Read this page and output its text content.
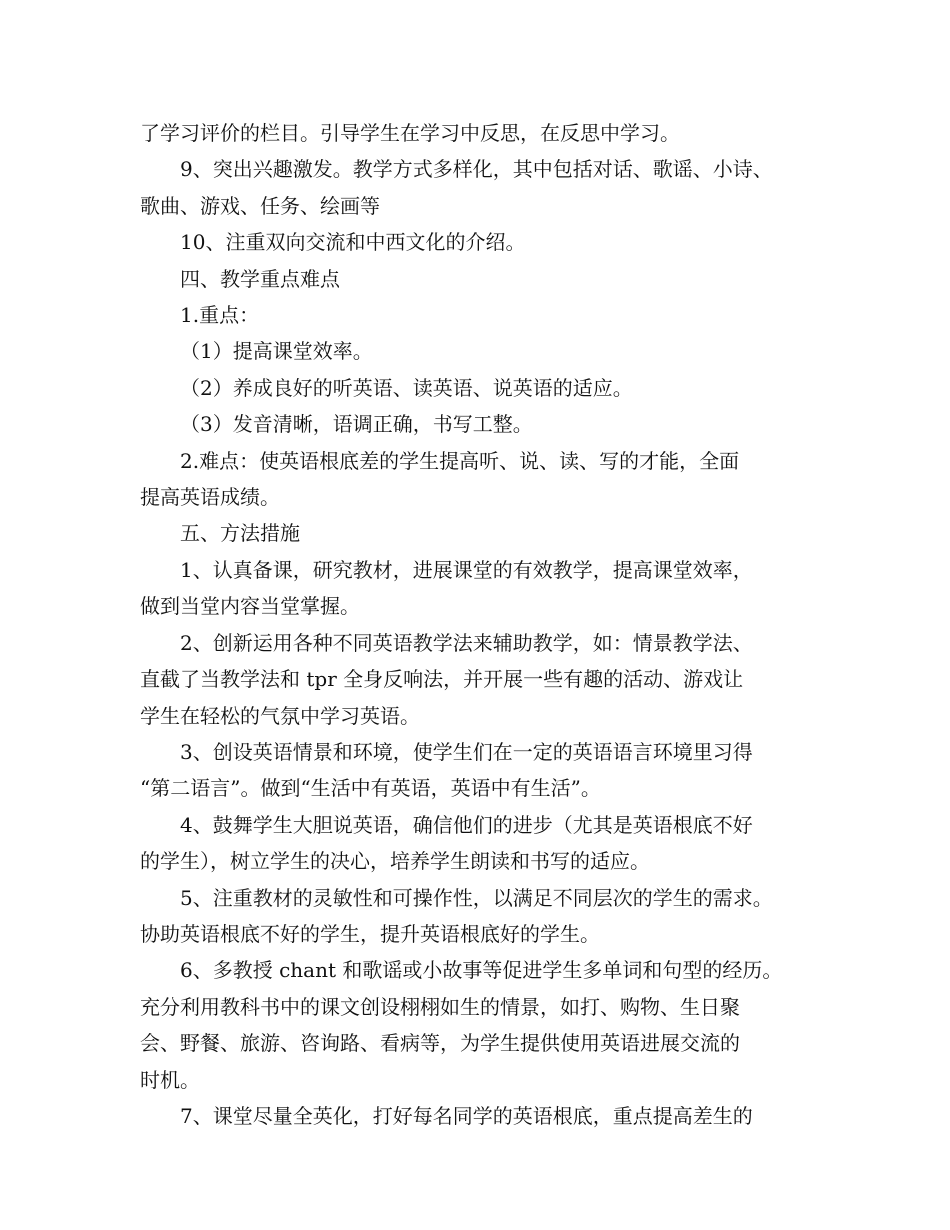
了学习评价的栏目。引导学生在学习中反思，在反思中学习。

9、突出兴趣激发。教学方式多样化，其中包括对话、歌谣、小诗、

歌曲、游戏、任务、绘画等

10、注重双向交流和中西文化的介绍。

四、教学重点难点

1.重点：

（1）提高课堂效率。

（2）养成良好的听英语、读英语、说英语的适应。

（3）发音清晰，语调正确，书写工整。

2.难点：使英语根底差的学生提高听、说、读、写的才能，全面

提高英语成绩。

五、方法措施

1、认真备课，研究教材，进展课堂的有效教学，提高课堂效率，

做到当堂内容当堂掌握。

2、创新运用各种不同英语教学法来辅助教学，如：情景教学法、

直截了当教学法和 tpr 全身反响法，并开展一些有趣的活动、游戏让

学生在轻松的气氛中学习英语。

3、创设英语情景和环境，使学生们在一定的英语语言环境里习得

“第二语言”。做到“生活中有英语，英语中有生活”。

4、鼓舞学生大胆说英语，确信他们的进步（尤其是英语根底不好

的学生），树立学生的决心，培养学生朗读和书写的适应。

5、注重教材的灵敏性和可操作性，以满足不同层次的学生的需求。

协助英语根底不好的学生，提升英语根底好的学生。

6、多教授 chant 和歌谣或小故事等促进学生多单词和句型的经历。

充分利用教科书中的课文创设栩栩如生的情景，如打、购物、生日聚

会、野餐、旅游、咨询路、看病等，为学生提供使用英语进展交流的

时机。

7、课堂尽量全英化，打好每名同学的英语根底，重点提高差生的
